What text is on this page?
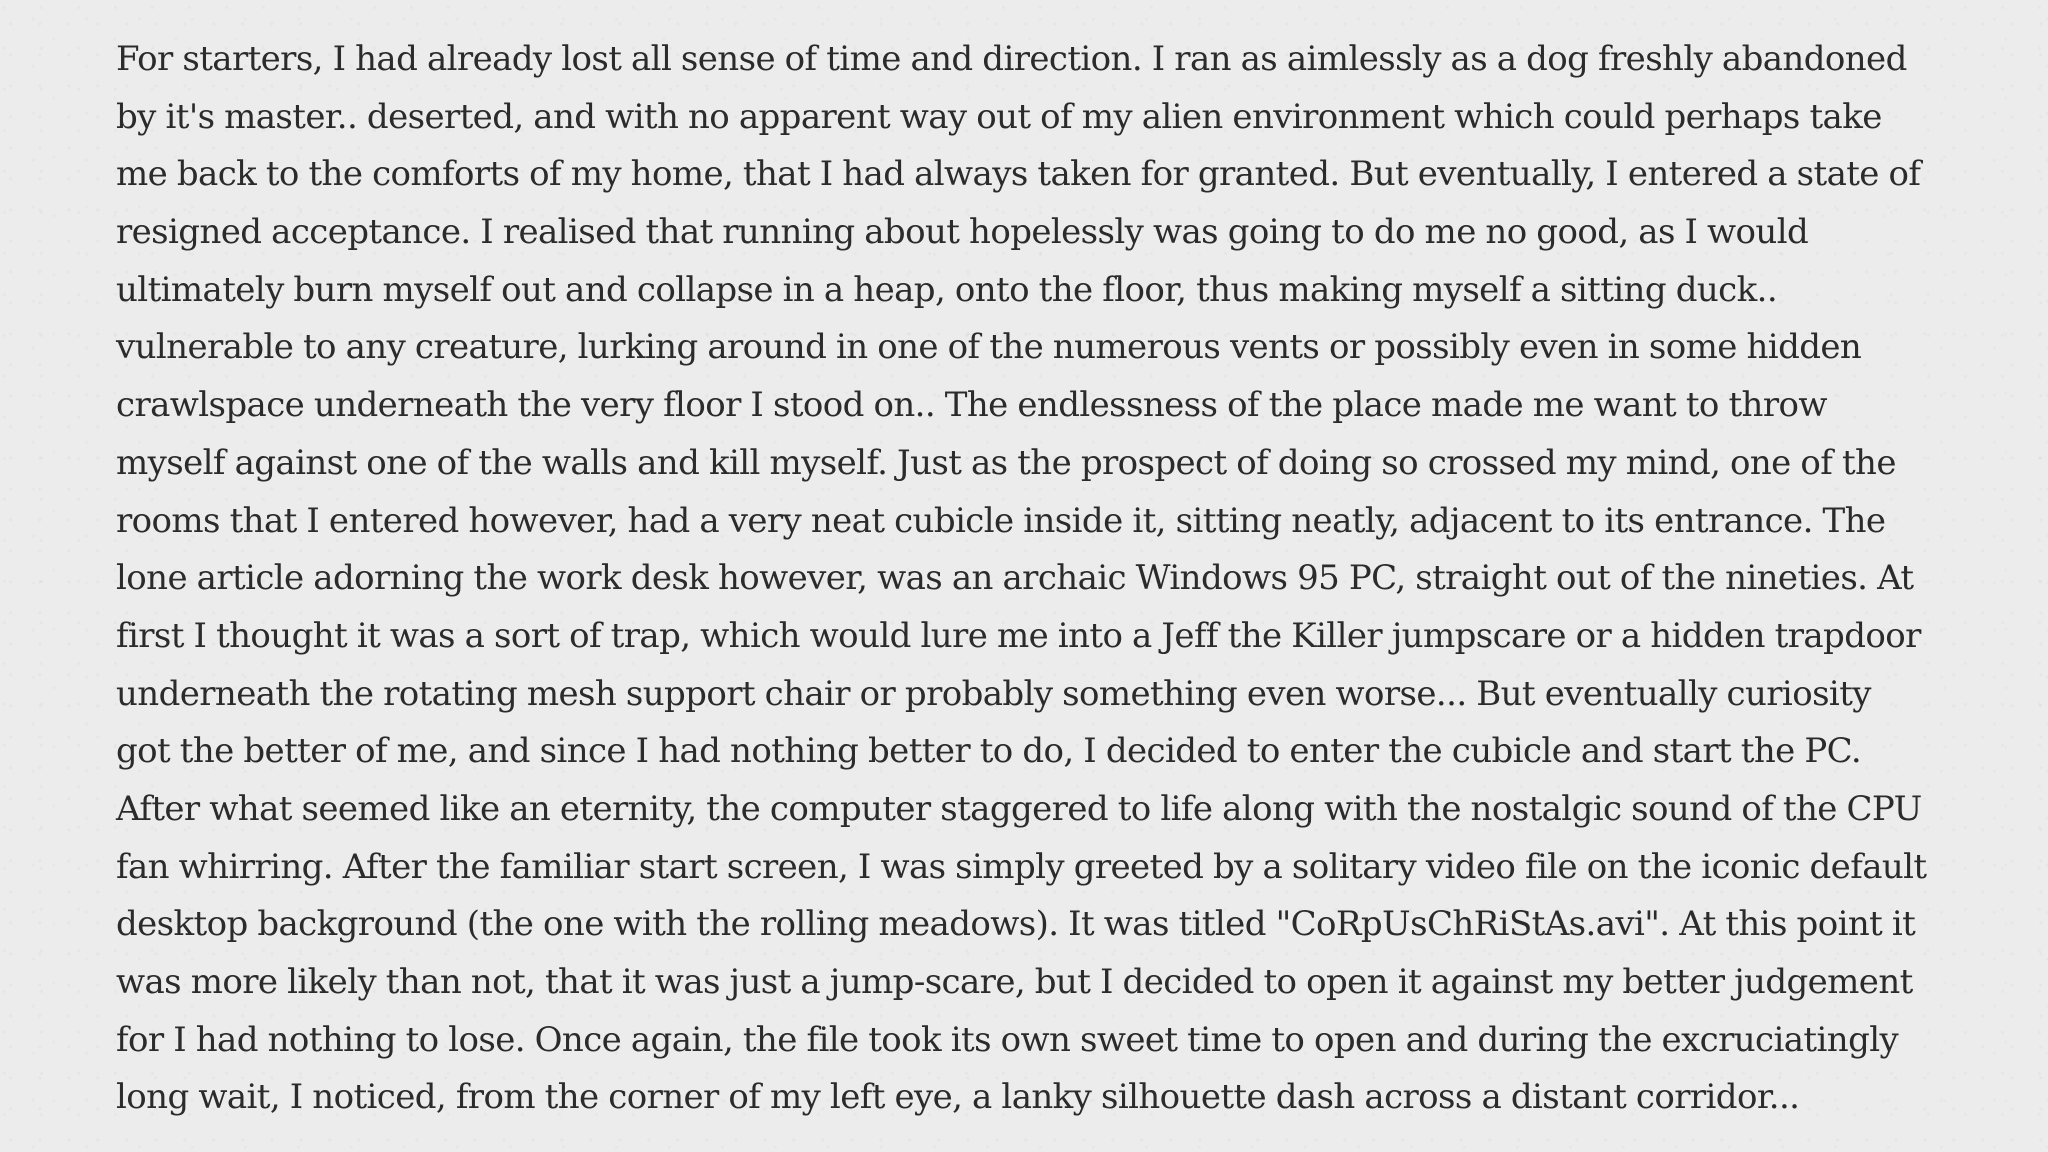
For starters, I had already lost all sense of time and direction. I ran as aimlessly as a dog freshly abandoned
by it's master.. deserted, and with no apparent way out of my alien environment which could perhaps take
me back to the comforts of my home, that I had always taken for granted. But eventually, I entered a state of
resigned acceptance. I realised that running about hopelessly was going to do me no good, as I would
ultimately burn myself out and collapse in a heap, onto the floor, thus making myself a sitting duck..
vulnerable to any creature, lurking around in one of the numerous vents or possibly even in some hidden
crawlspace underneath the very floor I stood on.. The endlessness of the place made me want to throw
myself against one of the walls and kill myself. Just as the prospect of doing so crossed my mind, one of the
rooms that I entered however, had a very neat cubicle inside it, sitting neatly, adjacent to its entrance. The
lone article adorning the work desk however, was an archaic Windows 95 PC, straight out of the nineties. At
first I thought it was a sort of trap, which would lure me into a Jeff the Killer jumpscare or a hidden trapdoor
underneath the rotating mesh support chair or probably something even worse... But eventually curiosity
got the better of me, and since I had nothing better to do, I decided to enter the cubicle and start the PC.
After what seemed like an eternity, the computer staggered to life along with the nostalgic sound of the CPU
fan whirring. After the familiar start screen, I was simply greeted by a solitary video file on the iconic default
desktop background (the one with the rolling meadows). It was titled "CoRpUsChRiStAs.avi". At this point it
was more likely than not, that it was just a jump-scare, but I decided to open it against my better judgement
for I had nothing to lose. Once again, the file took its own sweet time to open and during the excruciatingly
long wait, I noticed, from the corner of my left eye, a lanky silhouette dash across a distant corridor...
